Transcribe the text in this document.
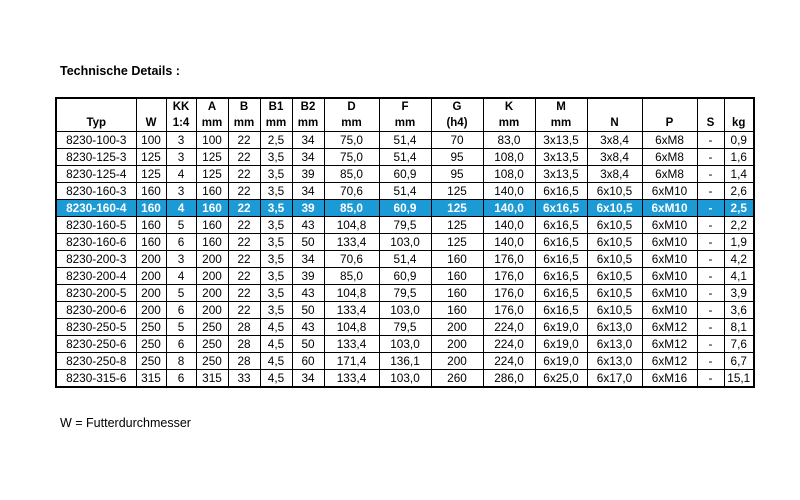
Technische Details :
		KK	A	B	B1	B2	D	F	G	K	M				
Typ	W	1:4	mm	mm	mm	mm	mm	mm	(h4)	mm	mm	N	P	S	kg
8230-100-3	100	3	100	22	2,5	34	75,0	51,4	70	83,0	3x13,5	3x8,4	6xM8	-	0,9
8230-125-3	125	3	125	22	3,5	34	75,0	51,4	95	108,0	3x13,5	3x8,4	6xM8	-	1,6
8230-125-4	125	4	125	22	3,5	39	85,0	60,9	95	108,0	3x13,5	3x8,4	6xM8	-	1,4
8230-160-3	160	3	160	22	3,5	34	70,6	51,4	125	140,0	6x16,5	6x10,5	6xM10	-	2,6
8230-160-4	160	4	160	22	3,5	39	85,0	60,9	125	140,0	6x16,5	6x10,5	6xM10	-	2,5
8230-160-5	160	5	160	22	3,5	43	104,8	79,5	125	140,0	6x16,5	6x10,5	6xM10	-	2,2
8230-160-6	160	6	160	22	3,5	50	133,4	103,0	125	140,0	6x16,5	6x10,5	6xM10	-	1,9
8230-200-3	200	3	200	22	3,5	34	70,6	51,4	160	176,0	6x16,5	6x10,5	6xM10	-	4,2
8230-200-4	200	4	200	22	3,5	39	85,0	60,9	160	176,0	6x16,5	6x10,5	6xM10	-	4,1
8230-200-5	200	5	200	22	3,5	43	104,8	79,5	160	176,0	6x16,5	6x10,5	6xM10	-	3,9
8230-200-6	200	6	200	22	3,5	50	133,4	103,0	160	176,0	6x16,5	6x10,5	6xM10	-	3,6
8230-250-5	250	5	250	28	4,5	43	104,8	79,5	200	224,0	6x19,0	6x13,0	6xM12	-	8,1
8230-250-6	250	6	250	28	4,5	50	133,4	103,0	200	224,0	6x19,0	6x13,0	6xM12	-	7,6
8230-250-8	250	8	250	28	4,5	60	171,4	136,1	200	224,0	6x19,0	6x13,0	6xM12	-	6,7
8230-315-6	315	6	315	33	4,5	34	133,4	103,0	260	286,0	6x25,0	6x17,0	6xM16	-	15,1
W = Futterdurchmesser
